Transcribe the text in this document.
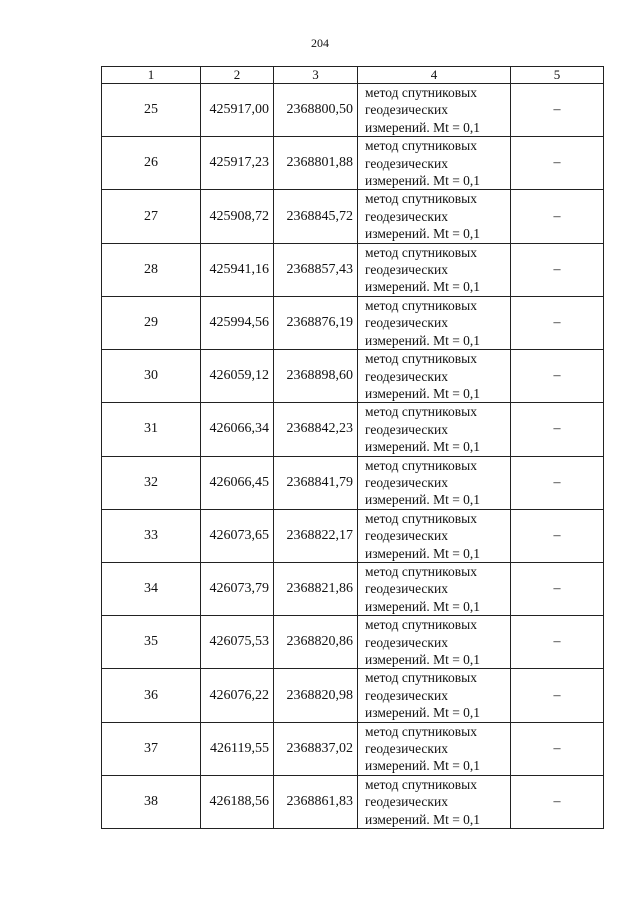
204
1	2	3	4	5
25	425917,00	2368800,50	метод спутниковых
геодезических
измерений. Mt = 0,1	–
26	425917,23	2368801,88	метод спутниковых
геодезических
измерений. Mt = 0,1	–
27	425908,72	2368845,72	метод спутниковых
геодезических
измерений. Mt = 0,1	–
28	425941,16	2368857,43	метод спутниковых
геодезических
измерений. Mt = 0,1	–
29	425994,56	2368876,19	метод спутниковых
геодезических
измерений. Mt = 0,1	–
30	426059,12	2368898,60	метод спутниковых
геодезических
измерений. Mt = 0,1	–
31	426066,34	2368842,23	метод спутниковых
геодезических
измерений. Mt = 0,1	–
32	426066,45	2368841,79	метод спутниковых
геодезических
измерений. Mt = 0,1	–
33	426073,65	2368822,17	метод спутниковых
геодезических
измерений. Mt = 0,1	–
34	426073,79	2368821,86	метод спутниковых
геодезических
измерений. Mt = 0,1	–
35	426075,53	2368820,86	метод спутниковых
геодезических
измерений. Mt = 0,1	–
36	426076,22	2368820,98	метод спутниковых
геодезических
измерений. Mt = 0,1	–
37	426119,55	2368837,02	метод спутниковых
геодезических
измерений. Mt = 0,1	–
38	426188,56	2368861,83	метод спутниковых
геодезических
измерений. Mt = 0,1	–
